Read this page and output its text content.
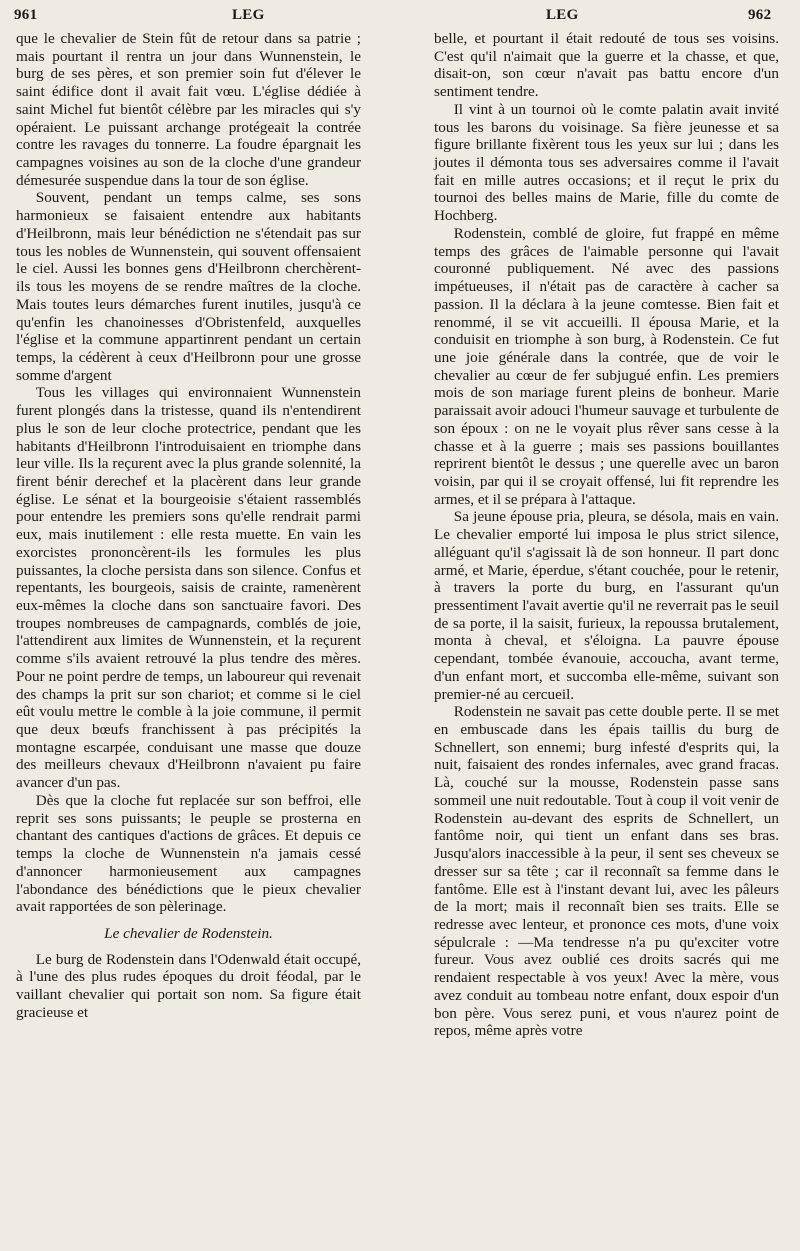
961	LEG	LEG	962

que le chevalier de Stein fût de retour dans sa patrie ; mais pourtant il rentra un jour dans Wunnenstein, le burg de ses pères, et son premier soin fut d'élever le saint édifice dont il avait fait vœu. L'église dédiée à saint Michel fut bientôt célèbre par les miracles qui s'y opéraient. Le puissant archange protégeait la contrée contre les ravages du tonnerre. La foudre épargnait les campagnes voisines au son de la cloche d'une grandeur démesurée suspendue dans la tour de son église.

Souvent, pendant un temps calme, ses sons harmonieux se faisaient entendre aux habitants d'Heilbronn, mais leur bénédiction ne s'étendait pas sur tous les nobles de Wunnenstein, qui souvent offensaient le ciel. Aussi les bonnes gens d'Heilbronn cherchèrent-ils tous les moyens de se rendre maîtres de la cloche. Mais toutes leurs démarches furent inutiles, jusqu'à ce qu'enfin les chanoinesses d'Obristenfeld, auxquelles l'église et la commune appartinrent pendant un certain temps, la cédèrent à ceux d'Heilbronn pour une grosse somme d'argent

Tous les villages qui environnaient Wunnenstein furent plongés dans la tristesse, quand ils n'entendirent plus le son de leur cloche protectrice, pendant que les habitants d'Heilbronn l'introduisaient en triomphe dans leur ville. Ils la reçurent avec la plus grande solennité, la firent bénir derechef et la placèrent dans leur grande église. Le sénat et la bourgeoisie s'étaient rassemblés pour entendre les premiers sons qu'elle rendrait parmi eux, mais inutilement : elle resta muette. En vain les exorcistes prononcèrent-ils les formules les plus puissantes, la cloche persista dans son silence. Confus et repentants, les bourgeois, saisis de crainte, ramenèrent eux-mêmes la cloche dans son sanctuaire favori. Des troupes nombreuses de campagnards, comblés de joie, l'attendirent aux limites de Wunnenstein, et la reçurent comme s'ils avaient retrouvé la plus tendre des mères. Pour ne point perdre de temps, un laboureur qui revenait des champs la prit sur son chariot; et comme si le ciel eût voulu mettre le comble à la joie commune, il permit que deux bœufs franchissent à pas précipités la montagne escarpée, conduisant une masse que douze des meilleurs chevaux d'Heilbronn n'avaient pu faire avancer d'un pas.

Dès que la cloche fut replacée sur son beffroi, elle reprit ses sons puissants; le peuple se prosterna en chantant des cantiques d'actions de grâces. Et depuis ce temps la cloche de Wunnenstein n'a jamais cessé d'annoncer harmonieusement aux campagnes l'abondance des bénédictions que le pieux chevalier avait rapportées de son pèlerinage.

Le chevalier de Rodenstein.

Le burg de Rodenstein dans l'Odenwald était occupé, à l'une des plus rudes époques du droit féodal, par le vaillant chevalier qui portait son nom. Sa figure était gracieuse et

belle, et pourtant il était redouté de tous ses voisins. C'est qu'il n'aimait que la guerre et la chasse, et que, disait-on, son cœur n'avait pas battu encore d'un sentiment tendre.

Il vint à un tournoi où le comte palatin avait invité tous les barons du voisinage. Sa fière jeunesse et sa figure brillante fixèrent tous les yeux sur lui ; dans les joutes il démonta tous ses adversaires comme il l'avait fait en mille autres occasions; et il reçut le prix du tournoi des belles mains de Marie, fille du comte de Hochberg.

Rodenstein, comblé de gloire, fut frappé en même temps des grâces de l'aimable personne qui l'avait couronné publiquement. Né avec des passions impétueuses, il n'était pas de caractère à cacher sa passion. Il la déclara à la jeune comtesse. Bien fait et renommé, il se vit accueilli. Il épousa Marie, et la conduisit en triomphe à son burg, à Rodenstein. Ce fut une joie générale dans la contrée, que de voir le chevalier au cœur de fer subjugué enfin. Les premiers mois de son mariage furent pleins de bonheur. Marie paraissait avoir adouci l'humeur sauvage et turbulente de son époux : on ne le voyait plus rêver sans cesse à la chasse et à la guerre ; mais ses passions bouillantes reprirent bientôt le dessus ; une querelle avec un baron voisin, par qui il se croyait offensé, lui fit reprendre les armes, et il se prépara à l'attaque.

Sa jeune épouse pria, pleura, se désola, mais en vain. Le chevalier emporté lui imposa le plus strict silence, alléguant qu'il s'agissait là de son honneur. Il part donc armé, et Marie, éperdue, s'étant couchée, pour le retenir, à travers la porte du burg, en l'assurant qu'un pressentiment l'avait avertie qu'il ne reverrait pas le seuil de sa porte, il la saisit, furieux, la repoussa brutalement, monta à cheval, et s'éloigna. La pauvre épouse cependant, tombée évanouie, accoucha, avant terme, d'un enfant mort, et succomba elle-même, suivant son premier-né au cercueil.

Rodenstein ne savait pas cette double perte. Il se met en embuscade dans les épais taillis du burg de Schnellert, son ennemi; burg infesté d'esprits qui, la nuit, faisaient des rondes infernales, avec grand fracas. Là, couché sur la mousse, Rodenstein passe sans sommeil une nuit redoutable. Tout à coup il voit venir de Rodenstein au-devant des esprits de Schnellert, un fantôme noir, qui tient un enfant dans ses bras. Jusqu'alors inaccessible à la peur, il sent ses cheveux se dresser sur sa tête ; car il reconnaît sa femme dans le fantôme. Elle est à l'instant devant lui, avec les pâleurs de la mort; mais il reconnaît bien ses traits. Elle se redresse avec lenteur, et prononce ces mots, d'une voix sépulcrale : —Ma tendresse n'a pu qu'exciter votre fureur. Vous avez oublié ces droits sacrés qui me rendaient respectable à vos yeux! Avec la mère, vous avez conduit au tombeau notre enfant, doux espoir d'un bon père. Vous serez puni, et vous n'aurez point de repos, même après votre
